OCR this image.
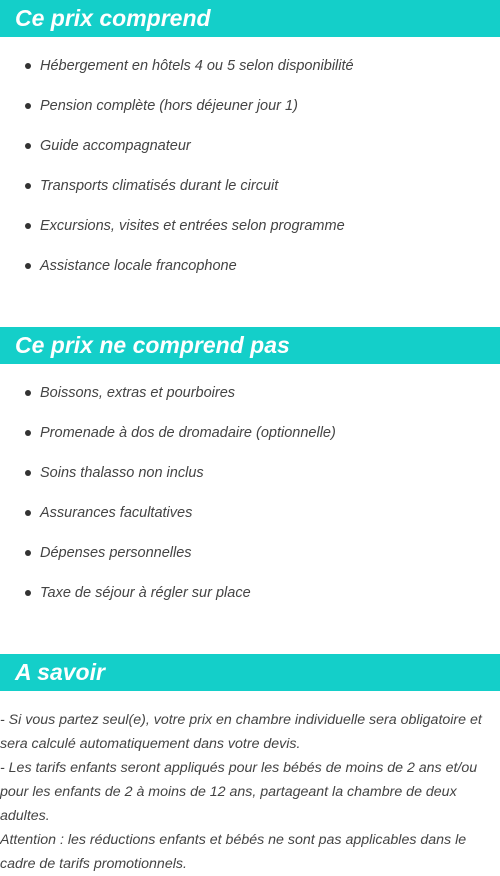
Ce prix comprend
Hébergement en hôtels 4 ou 5 selon disponibilité
Pension complète (hors déjeuner jour 1)
Guide accompagnateur
Transports climatisés durant le circuit
Excursions, visites et entrées selon programme
Assistance locale francophone
Ce prix ne comprend pas
Boissons, extras et pourboires
Promenade à dos de dromadaire (optionnelle)
Soins thalasso non inclus
Assurances facultatives
Dépenses personnelles
Taxe de séjour à régler sur place
A savoir

- Si vous partez seul(e), votre prix en chambre individuelle sera obligatoire et sera calculé automatiquement dans votre devis.

- Les tarifs enfants seront appliqués pour les bébés de moins de 2 ans et/ou pour les enfants de 2 à moins de 12 ans, partageant la chambre de deux adultes.

Attention : les réductions enfants et bébés ne sont pas applicables dans le cadre de tarifs promotionnels.
